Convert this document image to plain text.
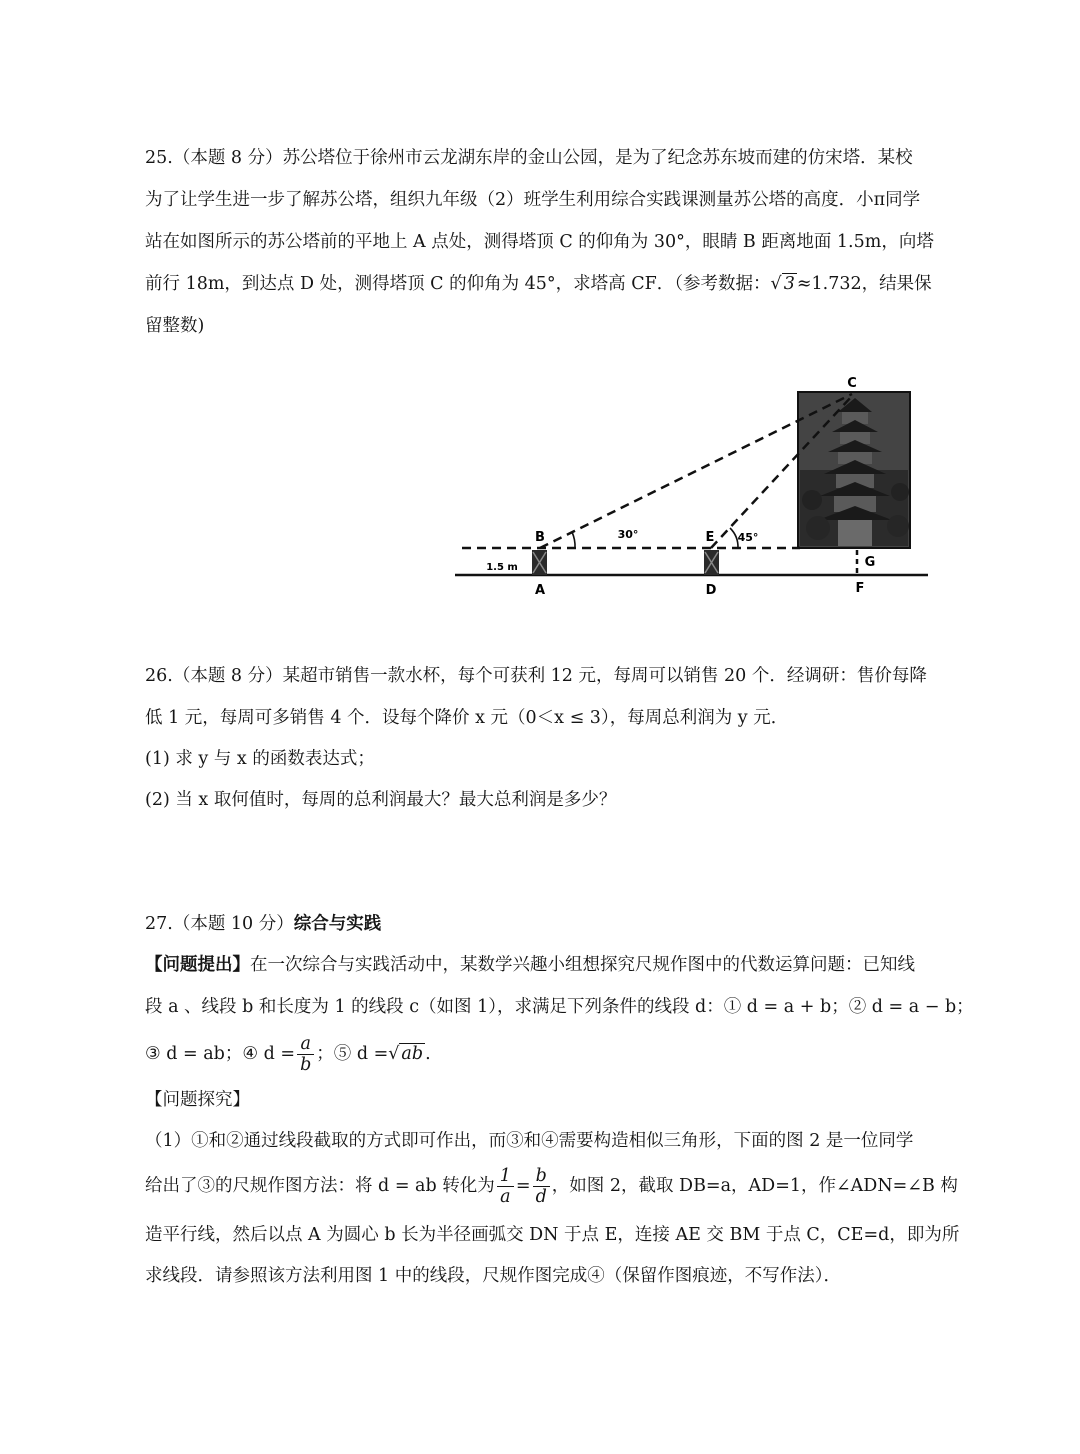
25.（本题 8 分）苏公塔位于徐州市云龙湖东岸的金山公园，是为了纪念苏东坡而建的仿宋塔．某校
为了让学生进一步了解苏公塔，组织九年级（2）班学生利用综合实践课测量苏公塔的高度．小π同学
站在如图所示的苏公塔前的平地上 A 点处，测得塔顶 C 的仰角为 30°，眼睛 B 距离地面 1.5m，向塔
前行 18m，到达点 D 处，测得塔顶 C 的仰角为 45°，求塔高 CF．（参考数据：√ 3 ≈1.732，结果保
留整数)
C
B	E
G
A	D	F
30°	45°
1.5 m
26.（本题 8 分）某超市销售一款水杯，每个可获利 12 元，每周可以销售 20 个．经调研：售价每降
低 1 元，每周可多销售 4 个．设每个降价 x 元（0＜x ≤ 3），每周总利润为 y 元．
(1) 求 y 与 x 的函数表达式；
(2) 当 x 取何值时，每周的总利润最大？最大总利润是多少？
27.（本题 10 分）综合与实践
【问题提出】在一次综合与实践活动中，某数学兴趣小组想探究尺规作图中的代数运算问题：已知线
段 a 、线段 b 和长度为 1 的线段 c（如图 1），求满足下列条件的线段 d：① d = a + b；② d = a − b；
③ d = ab；④ $d = \frac{a}{b}$ ；⑤ d =√ ab .
【问题探究】
（1）①和②通过线段截取的方式即可作出，而③和④需要构造相似三角形，下面的图 2 是一位同学
给出了③的尺规作图方法：将 d = ab 转化为 $\frac{1}{a} = \frac{b}{d}$ ，如图 2，截取 DB=a，AD=1，作∠ADN=∠B 构
造平行线，然后以点 A 为圆心 b 长为半径画弧交 DN 于点 E，连接 AE 交 BM 于点 C，CE=d，即为所
求线段．请参照该方法利用图 1 中的线段，尺规作图完成④（保留作图痕迹，不写作法）．
